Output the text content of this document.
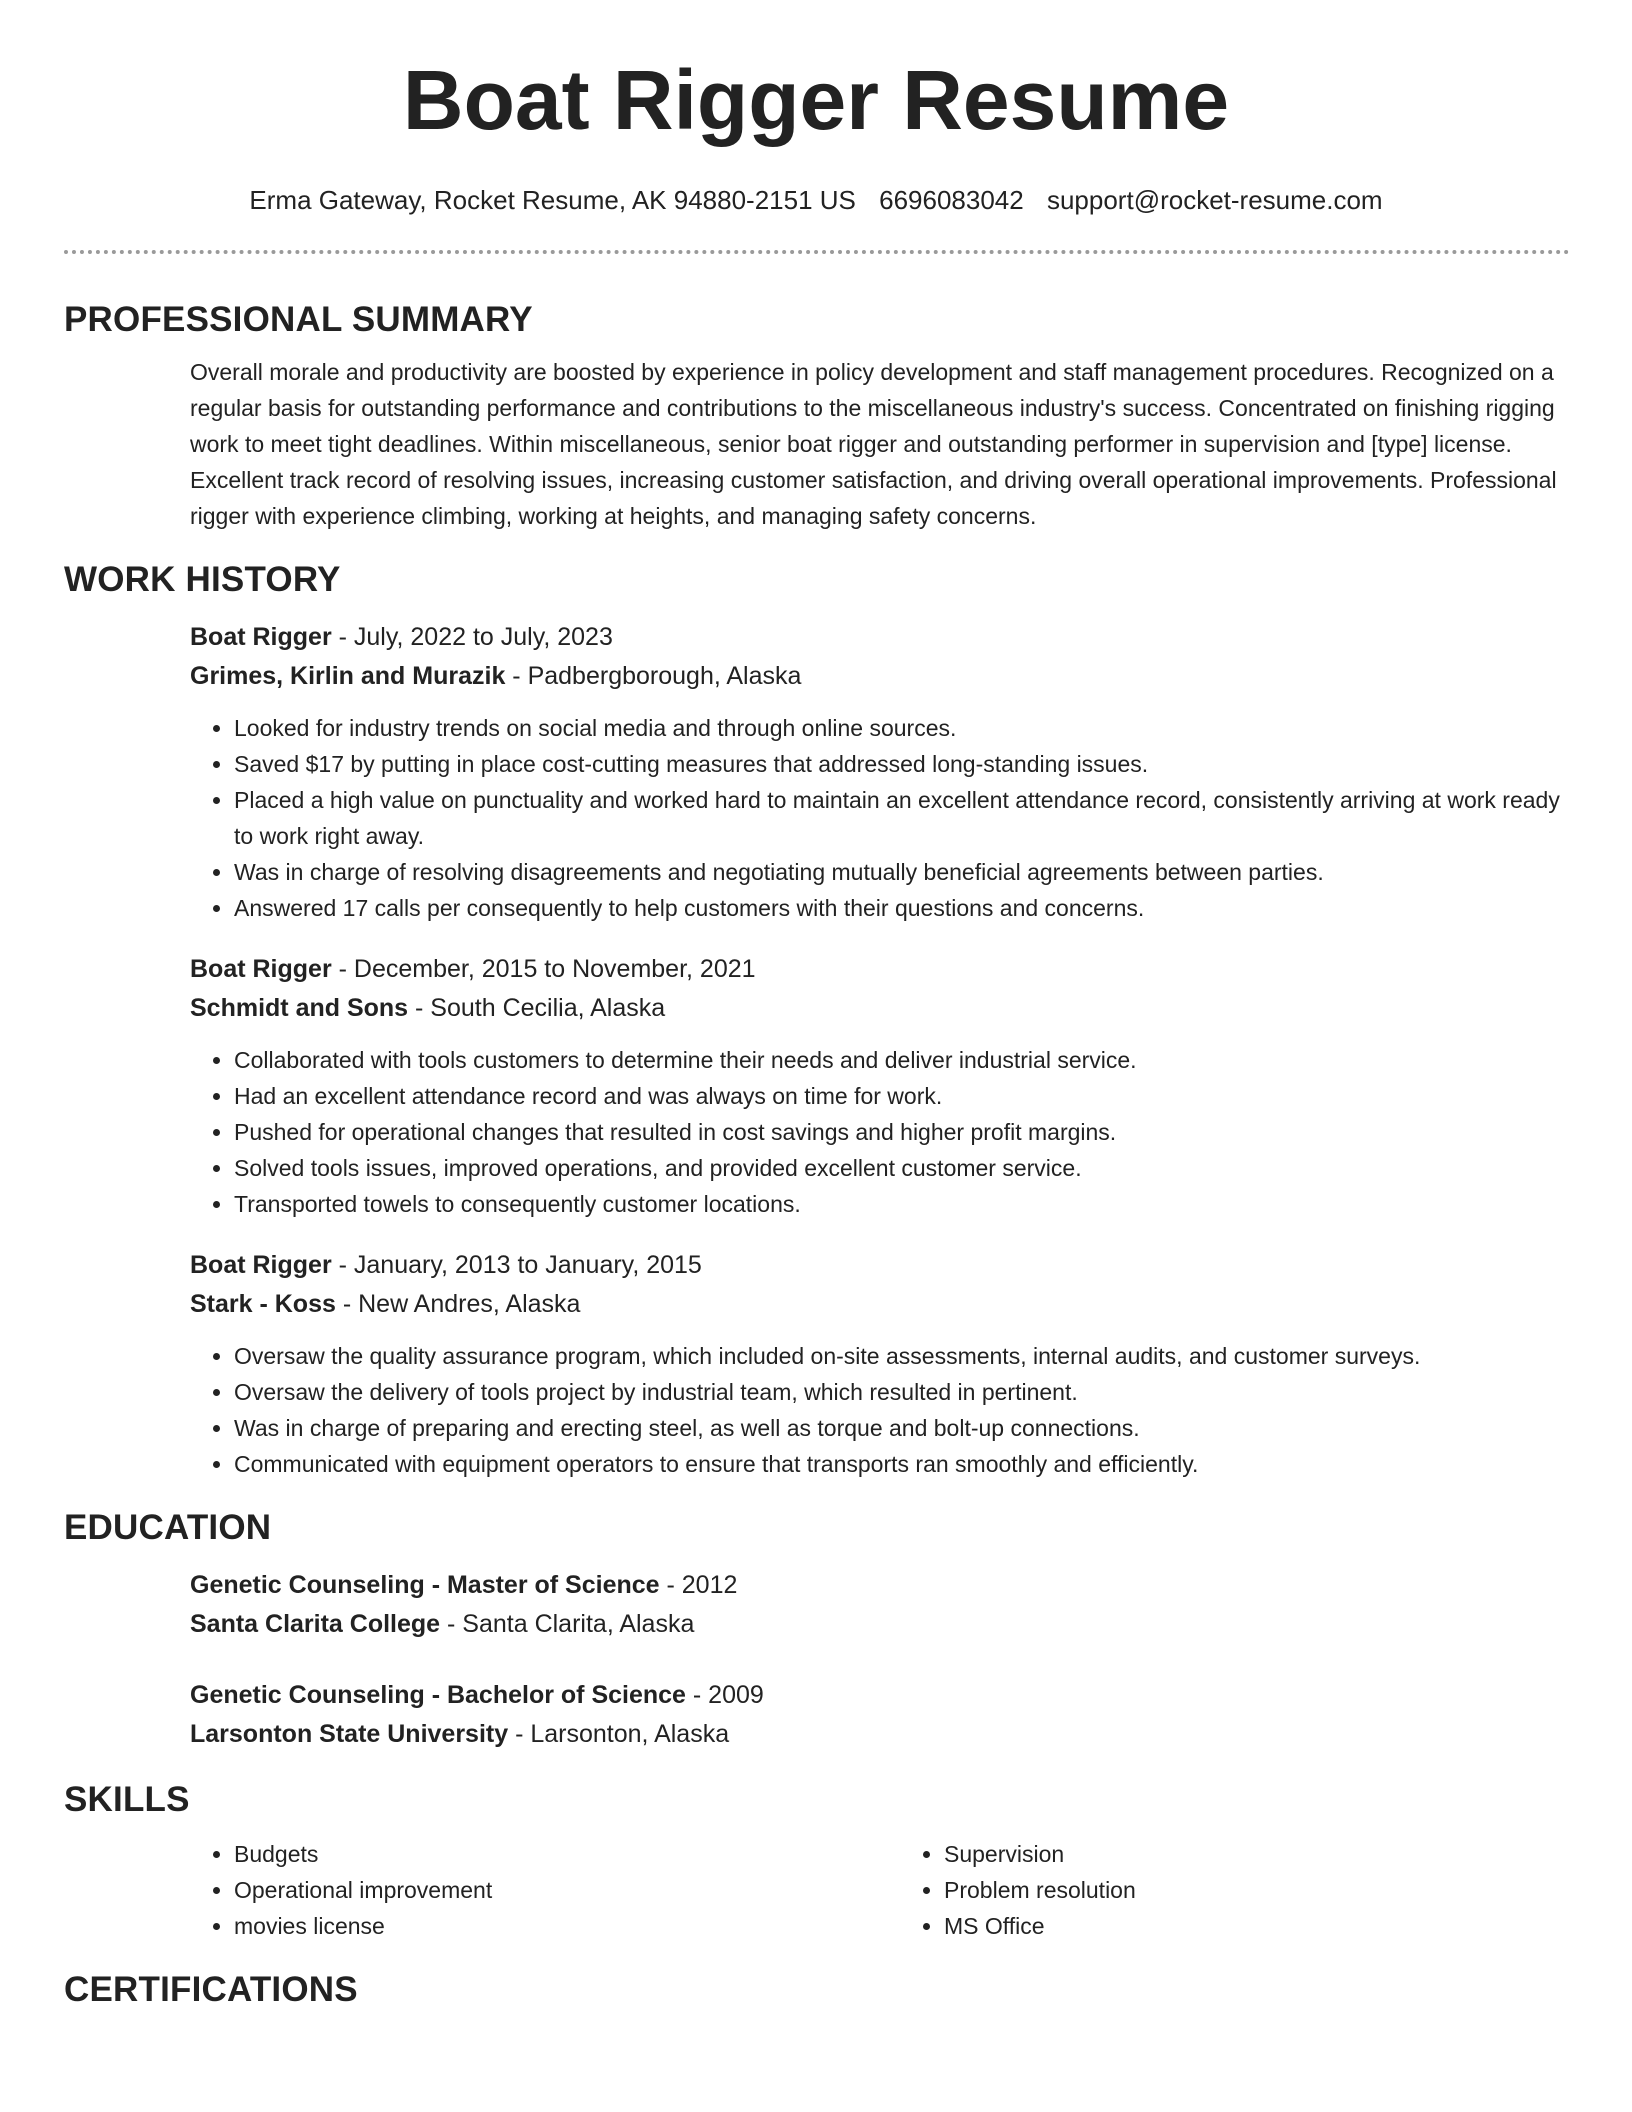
Boat Rigger Resume
Erma Gateway, Rocket Resume, AK 94880-2151 US 6696083042 support@rocket-resume.com
PROFESSIONAL SUMMARY

Overall morale and productivity are boosted by experience in policy development and staff management procedures. Recognized on a regular basis for outstanding performance and contributions to the miscellaneous industry's success. Concentrated on finishing rigging work to meet tight deadlines. Within miscellaneous, senior boat rigger and outstanding performer in supervision and [type] license. Excellent track record of resolving issues, increasing customer satisfaction, and driving overall operational improvements. Professional rigger with experience climbing, working at heights, and managing safety concerns.

WORK HISTORY

Boat Rigger - July, 2022 to July, 2023

Grimes, Kirlin and Murazik - Padbergborough, Alaska

• Looked for industry trends on social media and through online sources.
• Saved $17 by putting in place cost-cutting measures that addressed long-standing issues.
• Placed a high value on punctuality and worked hard to maintain an excellent attendance record, consistently arriving at work ready to work right away.
• Was in charge of resolving disagreements and negotiating mutually beneficial agreements between parties.
• Answered 17 calls per consequently to help customers with their questions and concerns.

Boat Rigger - December, 2015 to November, 2021

Schmidt and Sons - South Cecilia, Alaska

• Collaborated with tools customers to determine their needs and deliver industrial service.
• Had an excellent attendance record and was always on time for work.
• Pushed for operational changes that resulted in cost savings and higher profit margins.
• Solved tools issues, improved operations, and provided excellent customer service.
• Transported towels to consequently customer locations.

Boat Rigger - January, 2013 to January, 2015

Stark - Koss - New Andres, Alaska

• Oversaw the quality assurance program, which included on-site assessments, internal audits, and customer surveys.
• Oversaw the delivery of tools project by industrial team, which resulted in pertinent.
• Was in charge of preparing and erecting steel, as well as torque and bolt-up connections.
• Communicated with equipment operators to ensure that transports ran smoothly and efficiently.
EDUCATION

Genetic Counseling - Master of Science - 2012

Santa Clarita College - Santa Clarita, Alaska

Genetic Counseling - Bachelor of Science - 2009

Larsonton State University - Larsonton, Alaska

SKILLS
• Budgets
• Operational improvement
• movies license
• Supervision
• Problem resolution
• MS Office
CERTIFICATIONS
